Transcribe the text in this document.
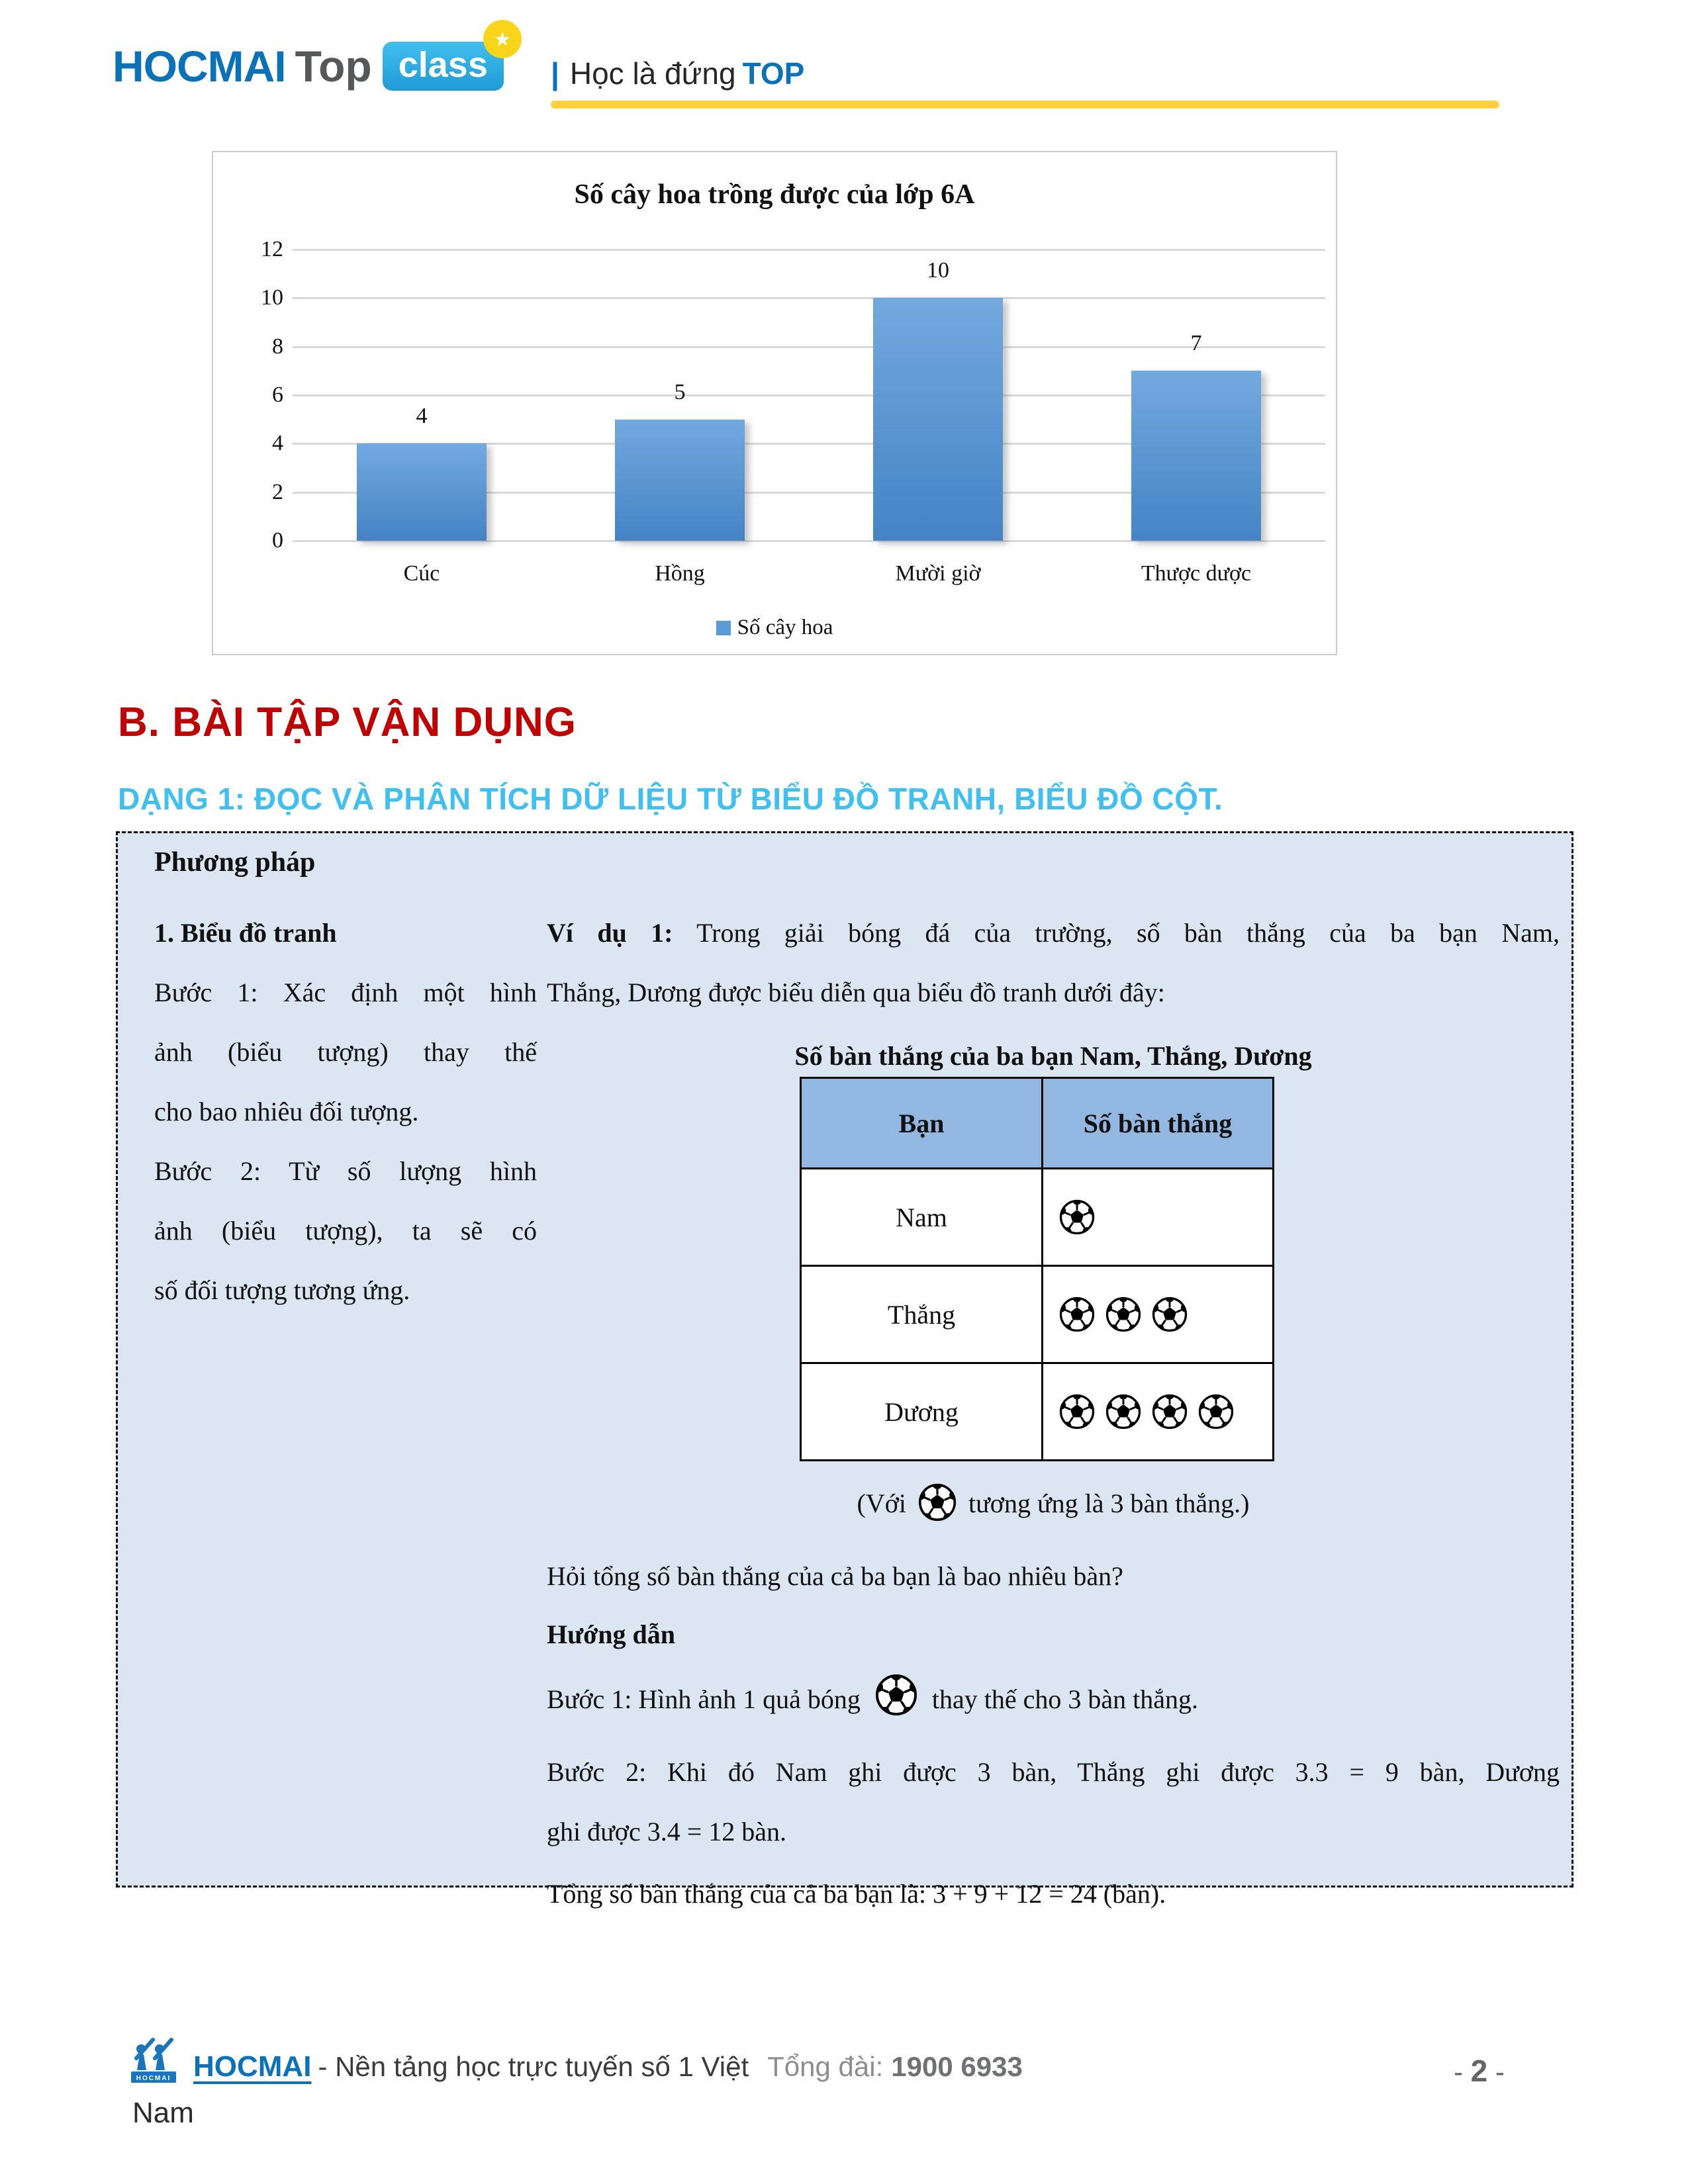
HOCMAI Top class
★
| Học là đứng TOP
Số cây hoa trồng được của lớp 6A
Số cây hoa
0
2
4
6
8
10
12
4
Cúc
5
Hồng
10
Mười giờ
7
Thược dược
B. BÀI TẬP VẬN DỤNG
DẠNG 1: ĐỌC VÀ PHÂN TÍCH DỮ LIỆU TỪ BIỂU ĐỒ TRANH, BIỂU ĐỒ CỘT.
Phương pháp
1. Biểu đồ tranh
Bước 1: Xác định một hình
ảnh (biểu tượng) thay thế
cho bao nhiêu đối tượng.
Bước 2: Từ số lượng hình
ảnh (biểu tượng), ta sẽ có
số đối tượng tương ứng.
Ví dụ 1: Trong giải bóng đá của trường, số bàn thắng của ba bạn Nam,
Thắng, Dương được biểu diễn qua biểu đồ tranh dưới đây:
Số bàn thắng của ba bạn Nam, Thắng, Dương
Bạn	Số bàn thắng
Nam	

Thắng	

Dương	
(Với tương ứng là 3 bàn thắng.)
Hỏi tổng số bàn thắng của cả ba bạn là bao nhiêu bàn?
Hướng dẫn
Bước 1: Hình ảnh 1 quả bóng	thay thế cho 3 bàn thắng.
Bước 2: Khi đó Nam ghi được 3 bàn, Thắng ghi được 3.3 = 9 bàn, Dương
ghi được 3.4 = 12 bàn.
Tổng số bàn thắng của cả ba bạn là: 3 + 9 + 12 = 24 (bàn).
HOCMAI HOCMAI - Nền tảng học trực tuyến số 1 Việt Tổng đài: 1900 6933	- 2 -
Nam
